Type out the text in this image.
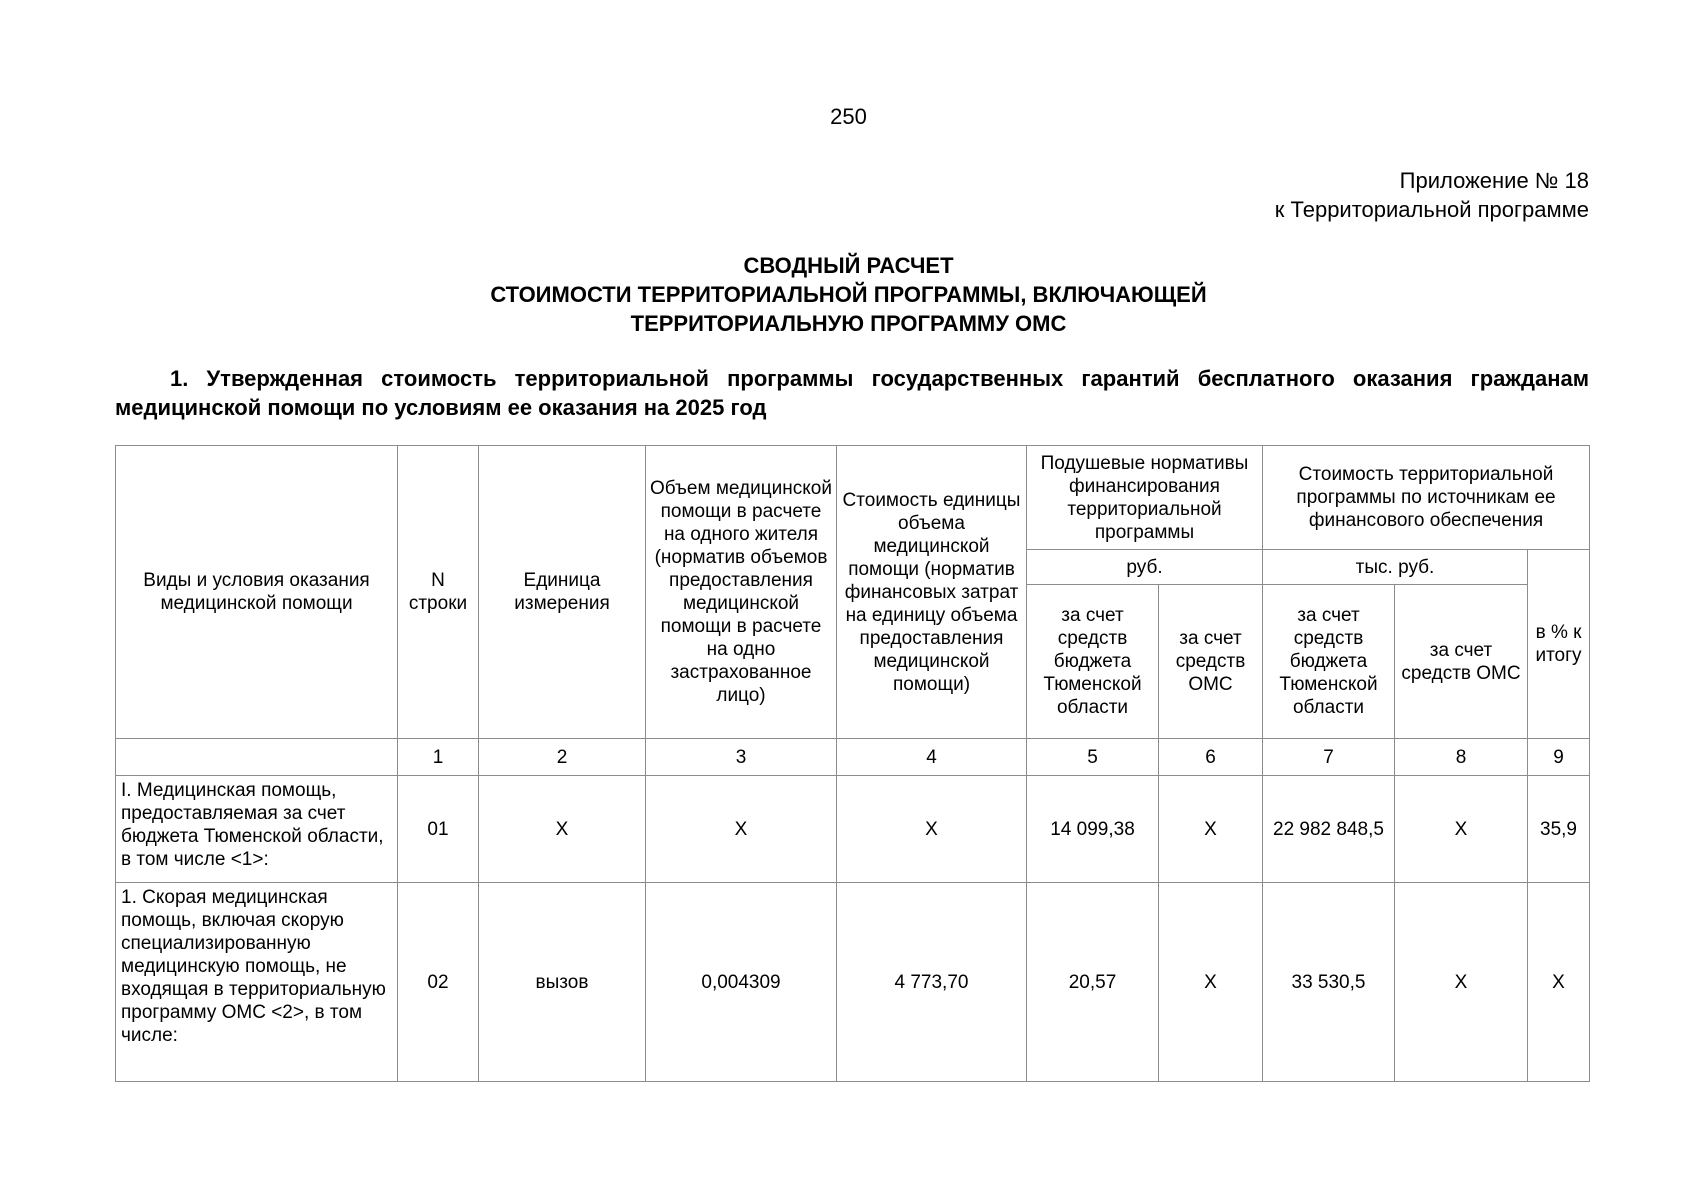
250
Приложение № 18
к Территориальной программе
СВОДНЫЙ РАСЧЕТ
СТОИМОСТИ ТЕРРИТОРИАЛЬНОЙ ПРОГРАММЫ, ВКЛЮЧАЮЩЕЙ
ТЕРРИТОРИАЛЬНУЮ ПРОГРАММУ ОМС
1. Утвержденная стоимость территориальной программы государственных гарантий бесплатного оказания гражданам медицинской помощи по условиям ее оказания на 2025 год
Виды и условия оказания медицинской помощи	N строки	Единица измерения	Объем медицинской помощи в расчете на одного жителя (норматив объемов предоставления медицинской помощи в расчете на одно застрахованное лицо)	Стоимость единицы объема медицинской помощи (норматив финансовых затрат на единицу объема предоставления медицинской помощи)	Подушевые нормативы финансирования территориальной программы		Стоимость территориальной программы по источникам ее финансового обеспечения		
					руб.		тыс. руб.		в % к итогу
					за счет средств бюджета Тюменской области	за счет средств ОМС	за счет средств бюджета Тюменской области	за счет средств ОМС	
	1	2	3	4	5	6	7	8	9
I. Медицинская помощь, предоставляемая за счет бюджета Тюменской области, в том числе <1>:	01	Х	Х	Х	14 099,38	Х	22 982 848,5	Х	35,9
1. Скорая медицинская помощь, включая скорую специализированную медицинскую помощь, не входящая в территориальную программу ОМС <2>, в том числе:	02	вызов	0,004309	4 773,70	20,57	Х	33 530,5	Х	Х
